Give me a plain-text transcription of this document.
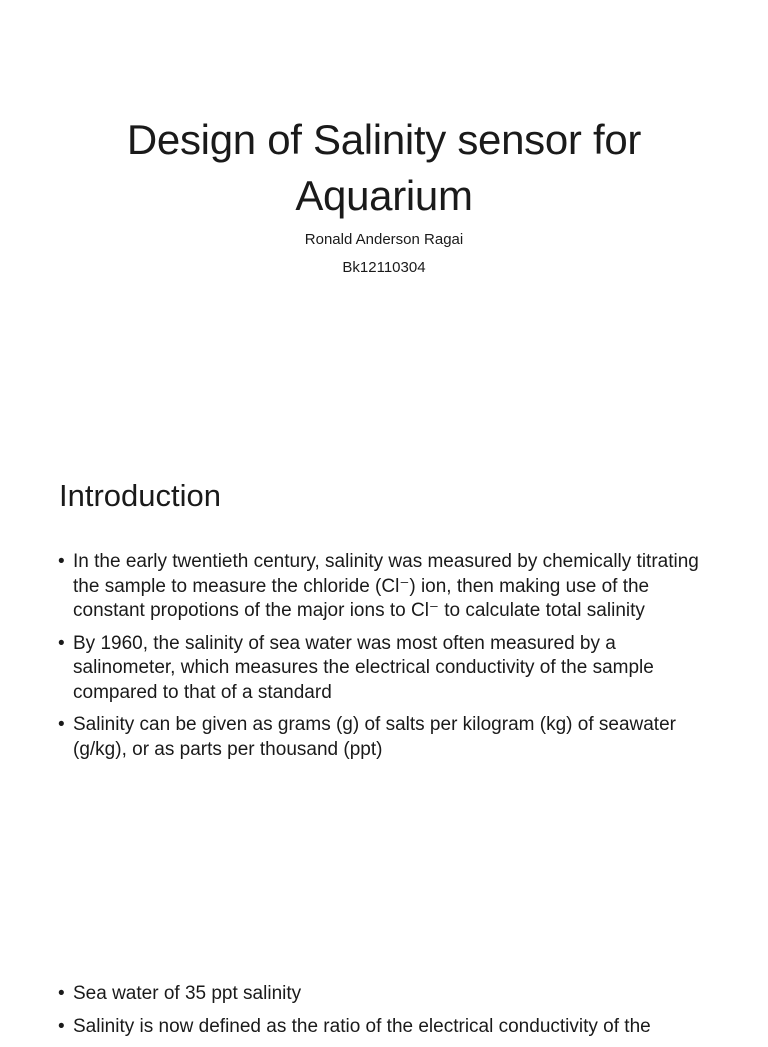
Design of Salinity sensor for
Aquarium
Ronald Anderson Ragai
Bk12110304
Introduction
• In the early twentieth century, salinity was measured by chemically titrating the sample to measure the chloride (Cl⁻) ion, then making use of the constant propotions of the major ions to Cl⁻ to calculate total salinity
• By 1960, the salinity of sea water was most often measured by a salinometer, which measures the electrical conductivity of the sample compared to that of a standard
• Salinity can be given as grams (g) of salts per kilogram (kg) of seawater (g/kg), or as parts per thousand (ppt)
• Sea water of 35 ppt salinity
• Salinity is now defined as the ratio of the electrical conductivity of the
